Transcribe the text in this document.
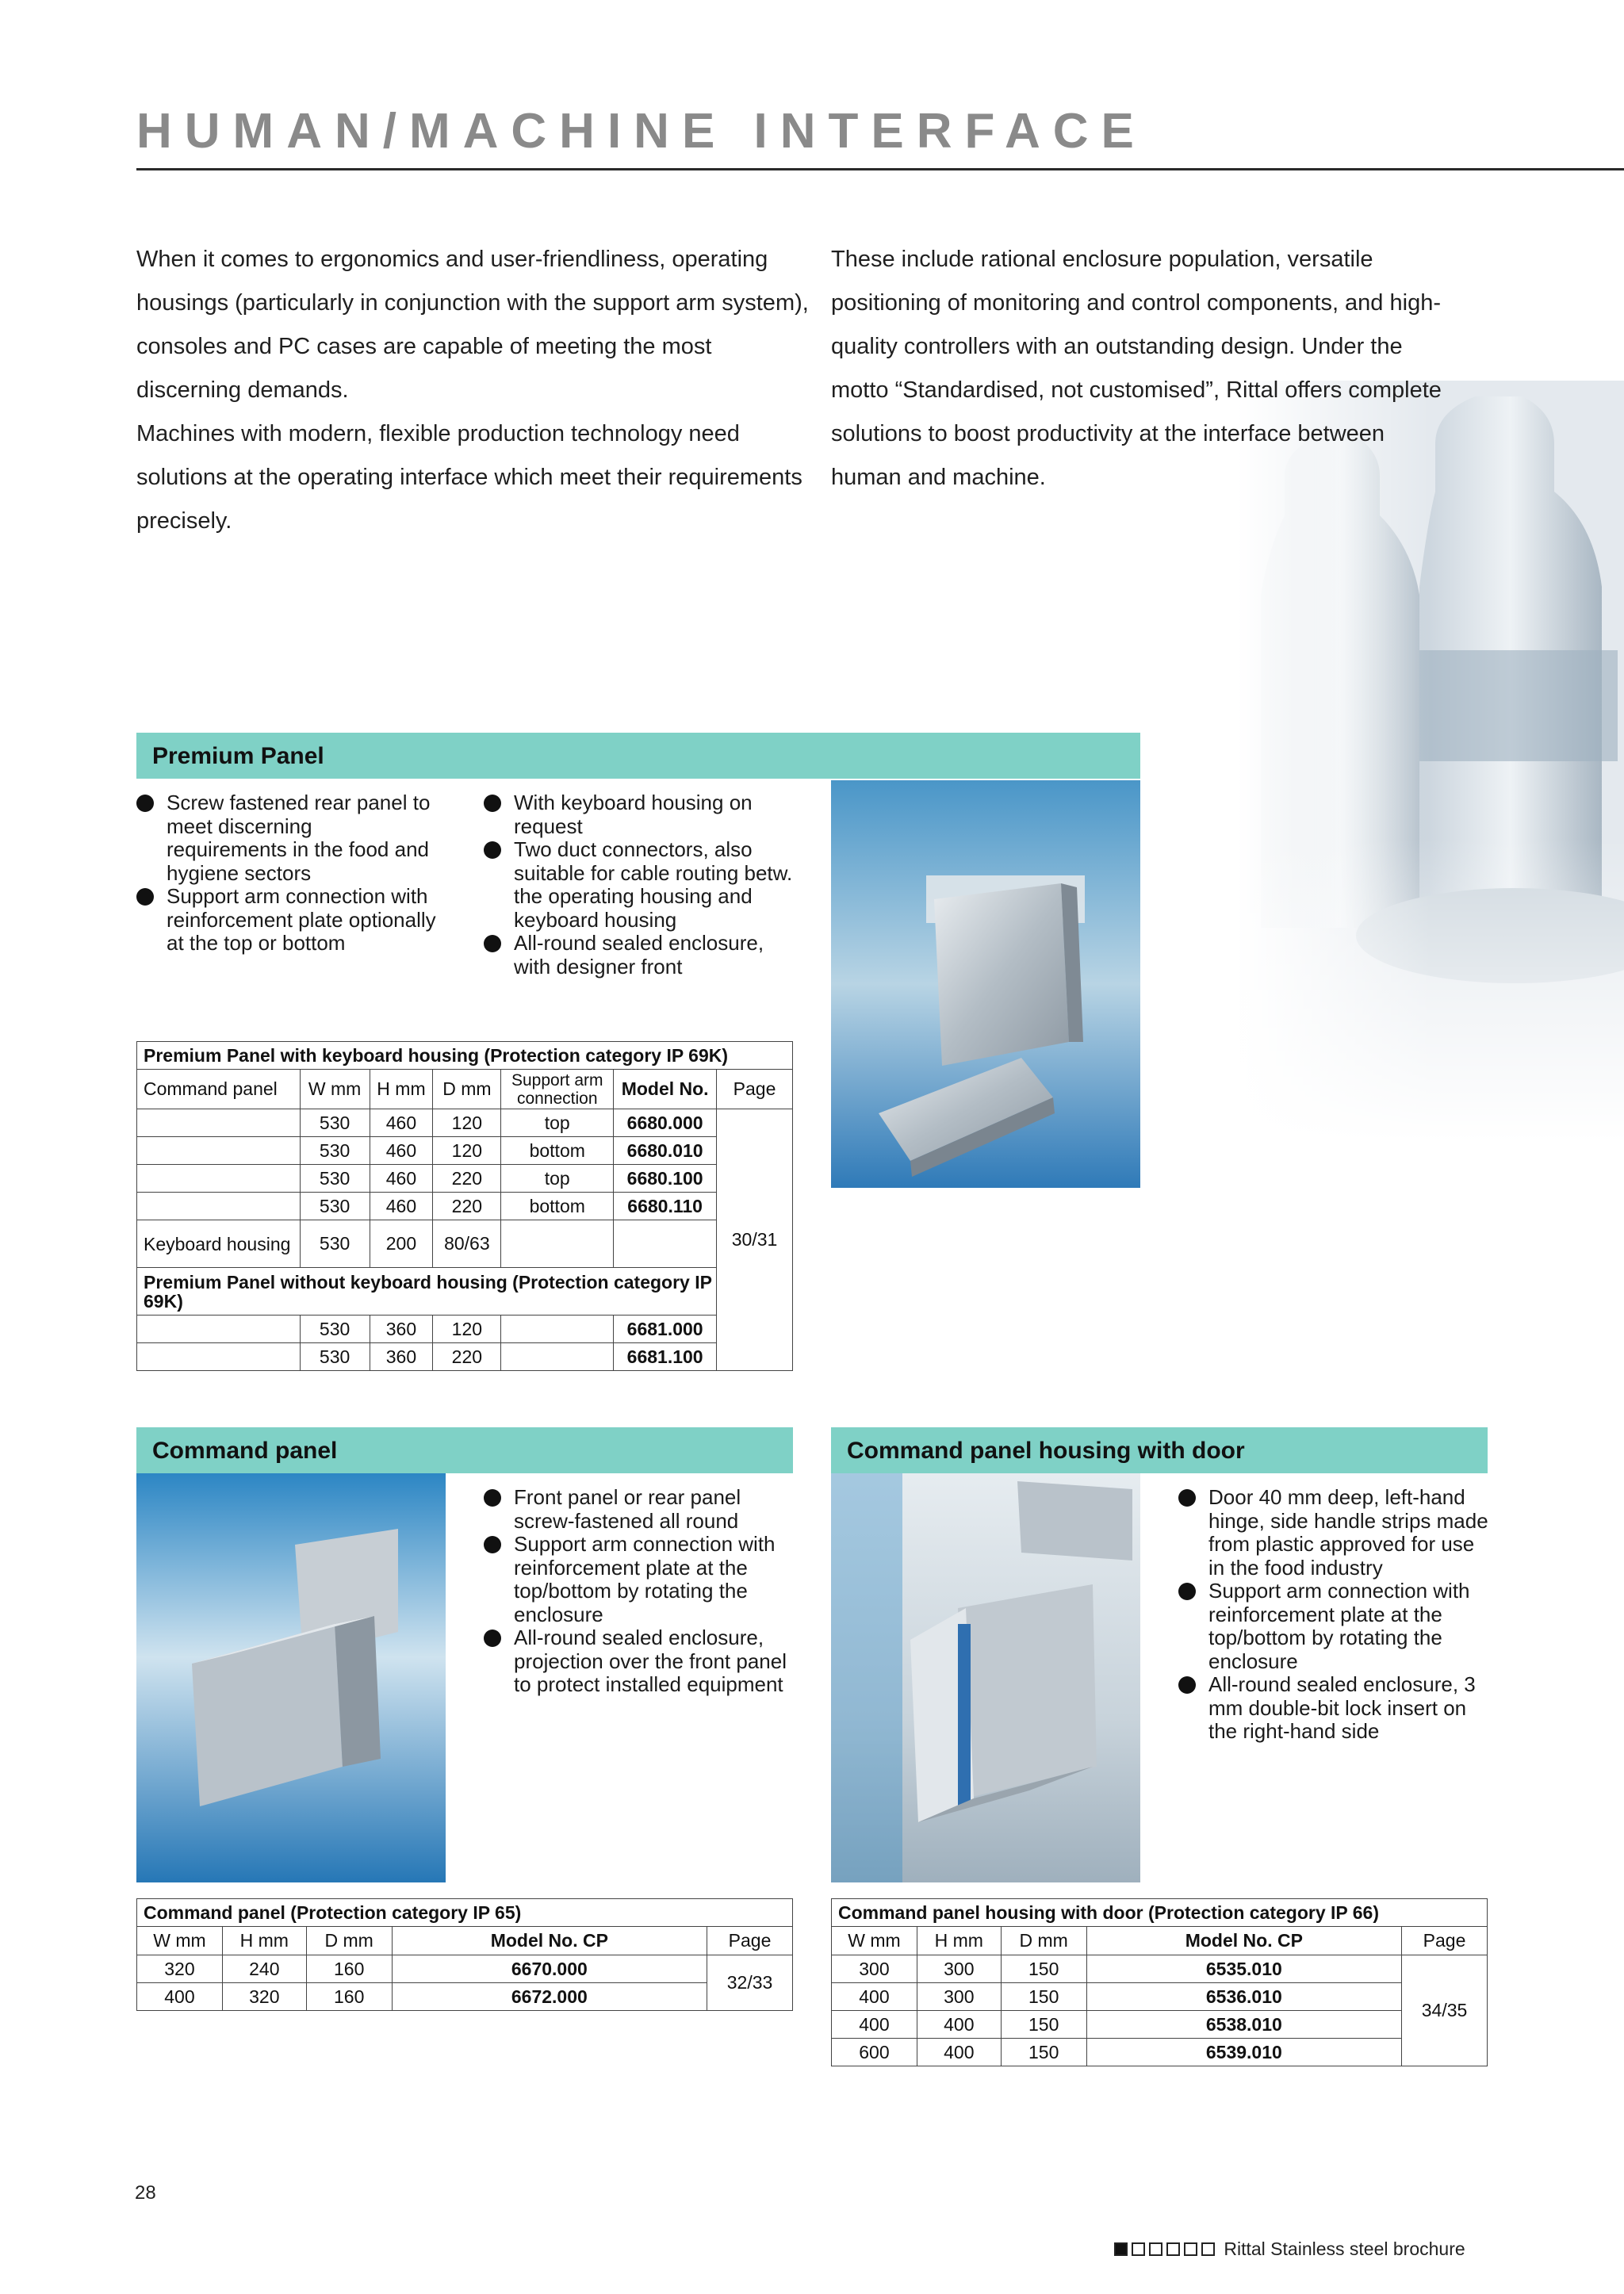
HUMAN/MACHINE INTERFACE

When it comes to ergonomics and user-friendliness, operating housings (particularly in conjunction with the support arm system), consoles and PC cases are capable of meeting the most discerning demands.

Machines with modern, flexible production technology need solutions at the operating interface which meet their requirements precisely.

These include rational enclosure population, versatile positioning of monitoring and control components, and high-quality controllers with an outstanding design. Under the motto “Standardised, not customised”, Rittal offers complete solutions to boost productivity at the interface between human and machine.

Premium Panel
Screw fastened rear panel to meet discerning requirements in the food and hygiene sectors
Support arm connection with reinforcement plate optionally at the top or bottom
With keyboard housing on request
Two duct connectors, also suitable for cable routing betw. the operating housing and keyboard housing
All-round sealed enclosure, with designer front
Premium Panel with keyboard housing (Protection category IP 69K)						
Command panel	W mm	H mm	D mm	Support arm connection	Model No.	Page
	530	460	120	top	6680.000	30/31
	530	460	120	bottom	6680.010	
	530	460	220	top	6680.100	
	530	460	220	bottom	6680.110	
Keyboard housing	530	200	80/63			
Premium Panel without keyboard housing (Protection category IP 69K)						
	530	360	120		6681.000	
	530	360	220		6681.100	
Command panel
Front panel or rear panel screw-fastened all round
Support arm connection with reinforcement plate at the top/bottom by rotating the enclosure
All-round sealed enclosure, projection over the front panel to protect installed equipment
Command panel (Protection category IP 65)				
W mm	H mm	D mm	Model No. CP	Page
320	240	160	6670.000	32/33
400	320	160	6672.000	
Command panel housing with door
Door 40 mm deep, left-hand hinge, side handle strips made from plastic approved for use in the food industry
Support arm connection with reinforcement plate at the top/bottom by rotating the enclosure
All-round sealed enclosure, 3 mm double-bit lock insert on the right-hand side
Command panel housing with door (Protection category IP 66)				
W mm	H mm	D mm	Model No. CP	Page
300	300	150	6535.010	34/35
400	300	150	6536.010	
400	400	150	6538.010	
600	400	150	6539.010	
28
Rittal Stainless steel brochure
